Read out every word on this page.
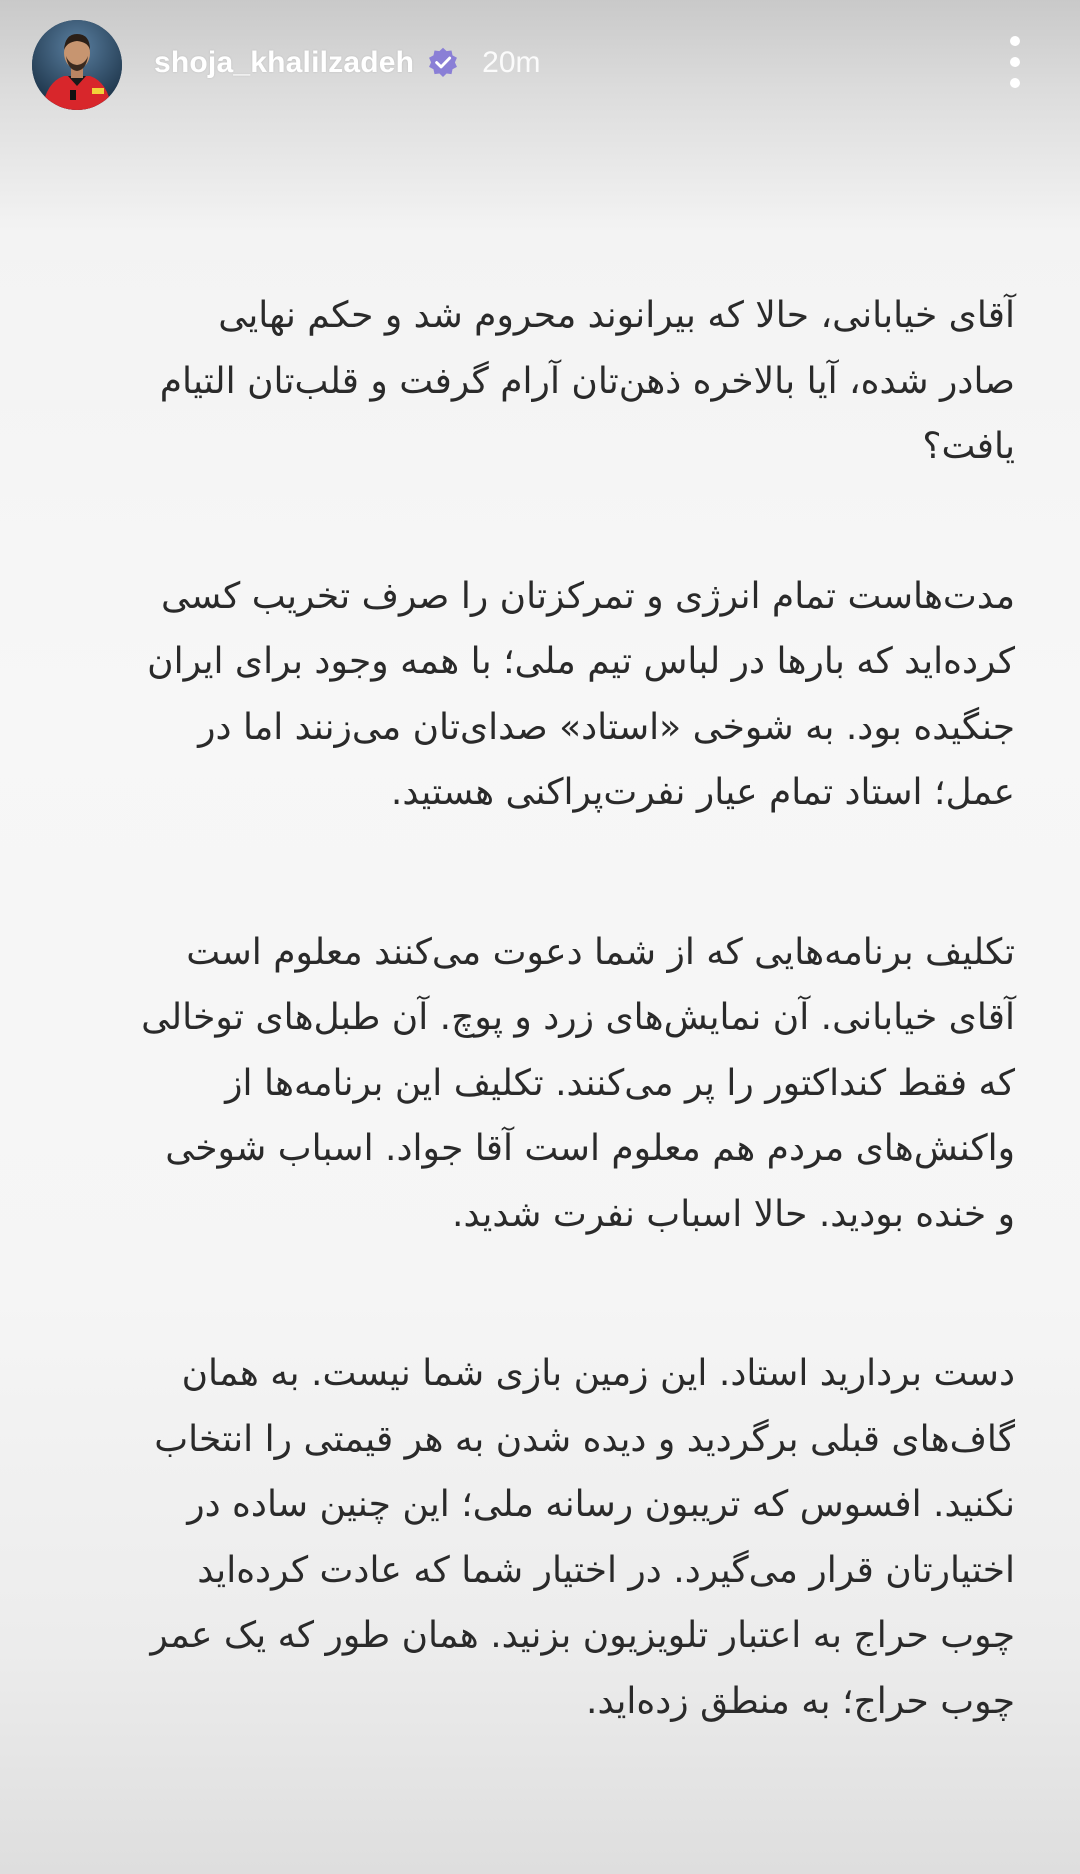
shoja_khalilzadeh 20m
آقای خیابانی، حالا که بیرانوند محروم شد و حکم نهایی
صادر شده، آیا بالاخره ذهن‌تان آرام گرفت و قلب‌تان التیام
یافت؟
مدت‌هاست تمام انرژی و تمرکزتان را صرف تخریب کسی
کرده‌اید که بارها در لباس تیم ملی؛ با همه وجود برای ایران
جنگیده بود. به شوخی «استاد» صدای‌تان می‌زنند اما در
عمل؛ استاد تمام عیار نفرت‌پراکنی هستید.
تکلیف برنامه‌هایی که از شما دعوت می‌کنند معلوم است
آقای خیابانی. آن نمایش‌های زرد و پوچ. آن طبل‌های توخالی
که فقط کنداکتور را پر می‌کنند. تکلیف این برنامه‌ها از
واکنش‌های مردم هم معلوم است آقا جواد. اسباب شوخی
و خنده بودید. حالا اسباب نفرت شدید.
دست بردارید استاد. این زمین بازی شما نیست. به همان
گاف‌های قبلی برگردید و دیده شدن به هر قیمتی را انتخاب
نکنید. افسوس که تریبون رسانه ملی؛ این چنین ساده در
اختیارتان قرار می‌گیرد. در اختیار شما که عادت کرده‌اید
چوب حراج به اعتبار تلویزیون بزنید. همان طور که یک عمر
چوب حراج؛ به منطق زده‌اید.
